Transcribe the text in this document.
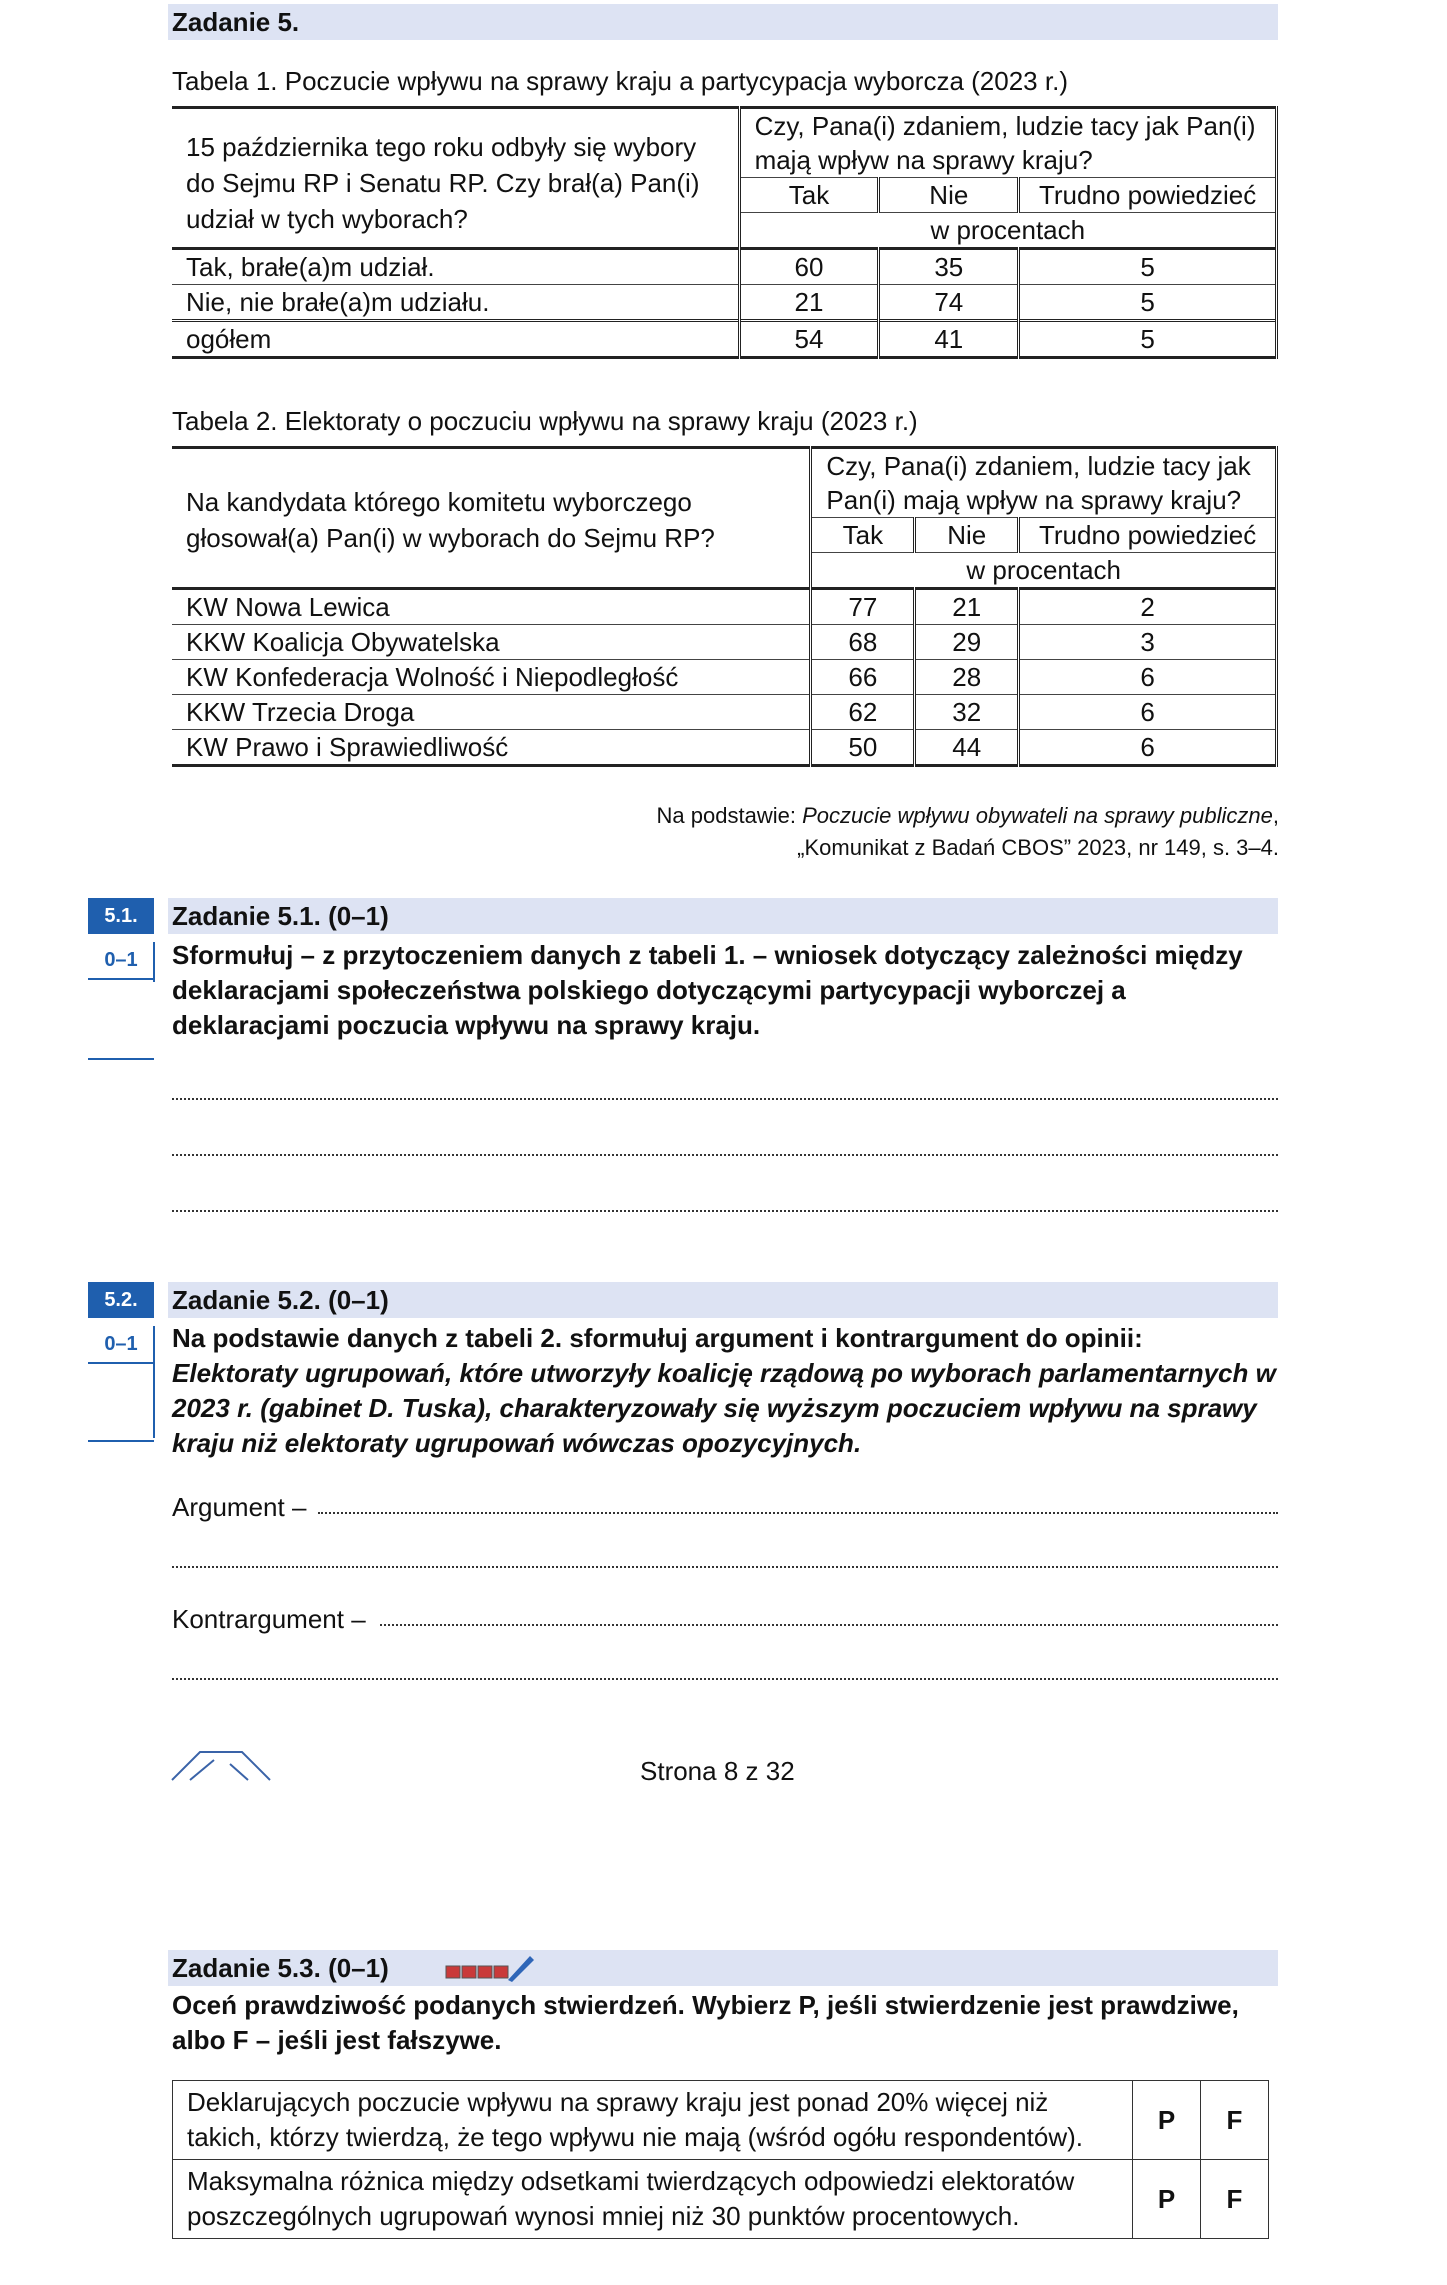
Zadanie 5.
Tabela 1. Poczucie wpływu na sprawy kraju a partycypacja wyborcza (2023 r.)
15 października tego roku odbyły się wybory do Sejmu RP i Senatu RP. Czy brał(a) Pan(i) udział w tych wyborach?	Czy, Pana(i) zdaniem, ludzie tacy jak Pan(i) mają wpływ na sprawy kraju?		
	Tak	Nie	Trudno powiedzieć
	w procentach		
Tak, brałe(a)m udział.	60	35	5
Nie, nie brałe(a)m udziału.	21	74	5
ogółem	54	41	5
Tabela 2. Elektoraty o poczuciu wpływu na sprawy kraju (2023 r.)
Na kandydata którego komitetu wyborczego głosował(a) Pan(i) w wyborach do Sejmu RP?	Czy, Pana(i) zdaniem, ludzie tacy jak Pan(i) mają wpływ na sprawy kraju?		
	Tak	Nie	Trudno powiedzieć
	w procentach		
KW Nowa Lewica	77	21	2
KKW Koalicja Obywatelska	68	29	3
KW Konfederacja Wolność i Niepodległość	66	28	6
KKW Trzecia Droga	62	32	6
KW Prawo i Sprawiedliwość	50	44	6
Na podstawie: Poczucie wpływu obywateli na sprawy publiczne,
„Komunikat z Badań CBOS” 2023, nr 149, s. 3–4.
5.1.
0–1
Zadanie 5.1. (0–1)
Sformułuj – z przytoczeniem danych z tabeli 1. – wniosek dotyczący zależności między deklaracjami społeczeństwa polskiego dotyczącymi partycypacji wyborczej a deklaracjami poczucia wpływu na sprawy kraju.
5.2.
0–1
Zadanie 5.2. (0–1)
Na podstawie danych z tabeli 2. sformułuj argument i kontrargument do opinii:
Elektoraty ugrupowań, które utworzyły koalicję rządową po wyborach parlamentarnych w 2023 r. (gabinet D. Tuska), charakteryzowały się wyższym poczuciem wpływu na sprawy kraju niż elektoraty ugrupowań wówczas opozycyjnych.
Argument –
Kontrargument –
Strona 8 z 32
Zadanie 5.3. (0–1)
Oceń prawdziwość podanych stwierdzeń. Wybierz P, jeśli stwierdzenie jest prawdziwe, albo F – jeśli jest fałszywe.
Deklarujących poczucie wpływu na sprawy kraju jest ponad 20% więcej niż takich, którzy twierdzą, że tego wpływu nie mają (wśród ogółu respondentów).	P	F
Maksymalna różnica między odsetkami twierdzących odpowiedzi elektoratów poszczególnych ugrupowań wynosi mniej niż 30 punktów procentowych.	P	F
